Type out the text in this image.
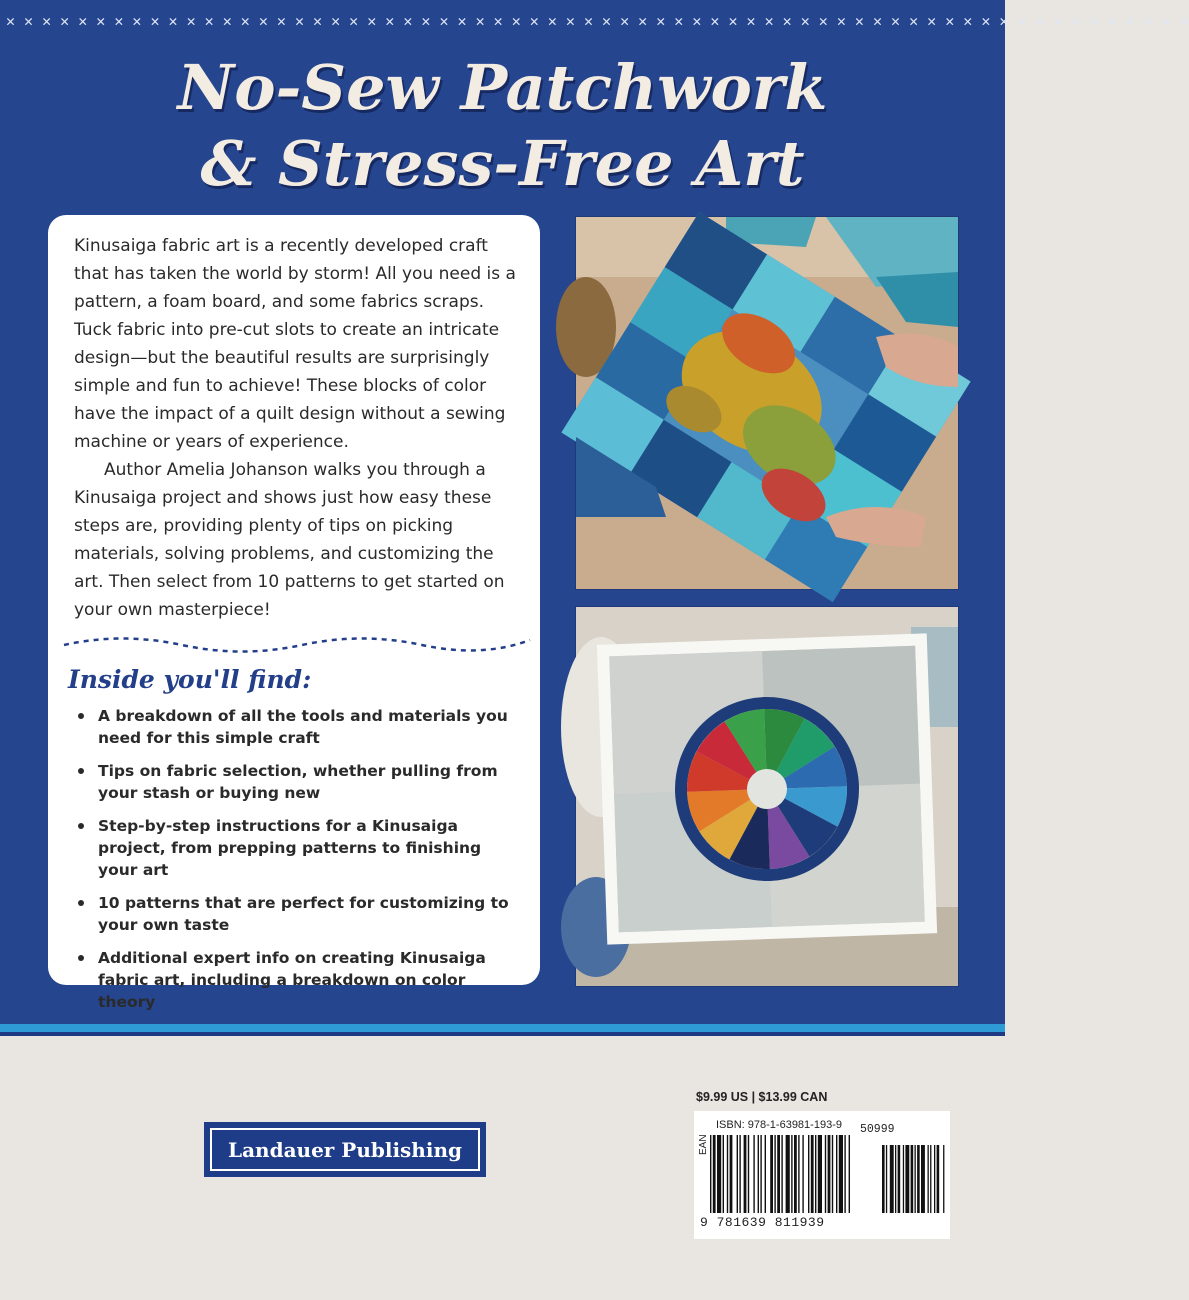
✕ ✕ ✕ ✕ ✕ ✕ ✕ ✕ ✕ ✕ ✕ ✕ ✕ ✕ ✕ ✕ ✕ ✕ ✕ ✕ ✕ ✕ ✕ ✕ ✕ ✕ ✕ ✕ ✕ ✕ ✕ ✕ ✕ ✕ ✕ ✕ ✕ ✕ ✕ ✕ ✕ ✕ ✕ ✕ ✕ ✕ ✕ ✕ ✕ ✕ ✕ ✕ ✕ ✕ ✕ ✕ ✕ ✕ ✕ ✕ ✕ ✕ ✕ ✕ ✕ ✕
No-Sew Patchwork
& Stress-Free Art

Kinusaiga fabric art is a recently developed craft that has taken the world by storm! All you need is a pattern, a foam board, and some fabrics scraps. Tuck fabric into pre-cut slots to create an intricate design—but the beautiful results are surprisingly simple and fun to achieve! These blocks of color have the impact of a quilt design without a sewing machine or years of experience.

Author Amelia Johanson walks you through a Kinusaiga project and shows just how easy these steps are, providing plenty of tips on picking materials, solving problems, and customizing the art. Then select from 10 patterns to get started on your own masterpiece!

Inside you'll find:
A breakdown of all the tools and materials you need for this simple craft
Tips on fabric selection, whether pulling from your stash or buying new
Step-by-step instructions for a Kinusaiga project, from prepping patterns to finishing your art
10 patterns that are perfect for customizing to your own taste
Additional expert info on creating Kinusaiga fabric art, including a breakdown on color theory
Landauer Publishing
$9.99 US | $13.99 CAN
ISBN: 978-1-63981-193-9 50999
EAN
9 781639 811939
